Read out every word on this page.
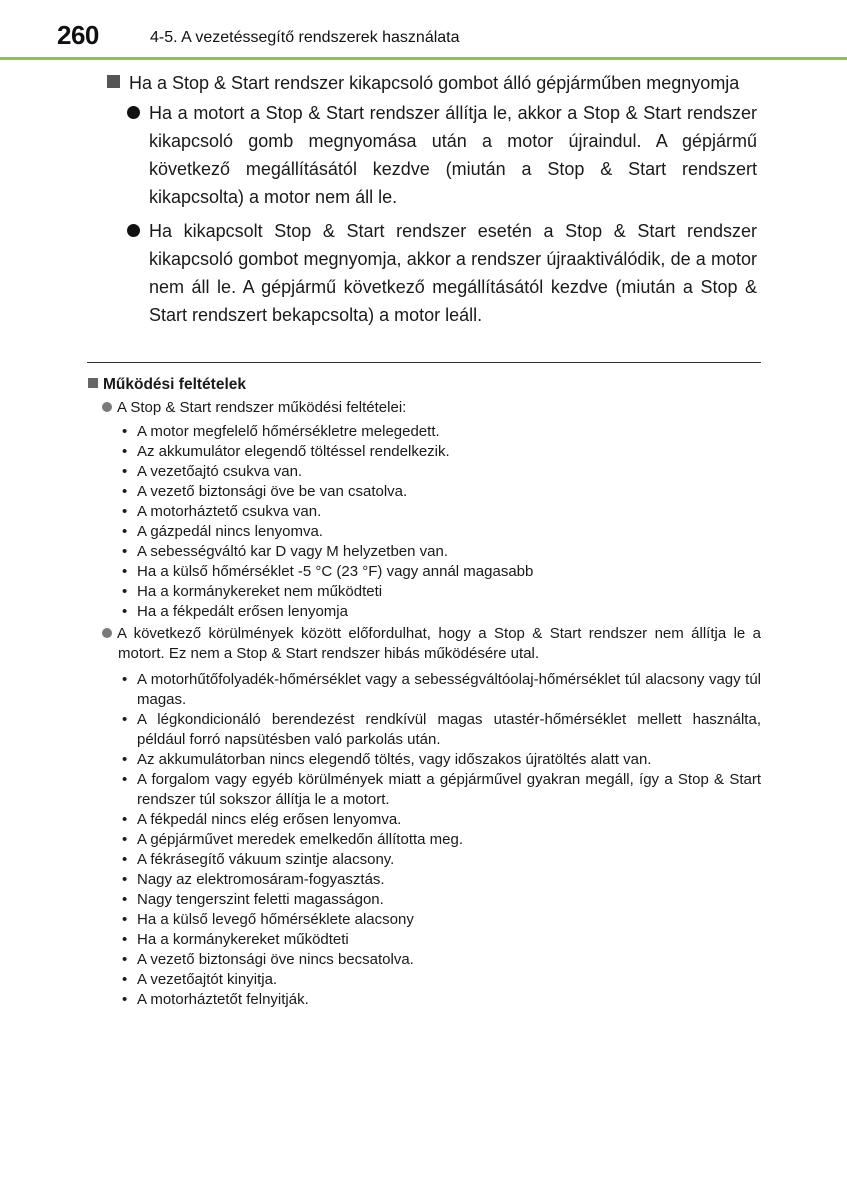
260	4-5. A vezetéssegítő rendszerek használata

Ha a Stop & Start rendszer kikapcsoló gombot álló gépjárműben megnyomja

Ha a motort a Stop & Start rendszer állítja le, akkor a Stop & Start rendszer kikapcsoló gomb megnyomása után a motor újraindul. A gépjármű következő megállításától kezdve (miután a Stop & Start rendszert kikapcsolta) a motor nem áll le.

Ha kikapcsolt Stop & Start rendszer esetén a Stop & Start rendszer kikapcsoló gombot megnyomja, akkor a rendszer újraaktiválódik, de a motor nem áll le. A gépjármű következő megállításától kezdve (miután a Stop & Start rendszert bekapcsolta) a motor leáll.

Működési feltételek

A Stop & Start rendszer működési feltételei:

• A motor megfelelő hőmérsékletre melegedett.
• Az akkumulátor elegendő töltéssel rendelkezik.
• A vezetőajtó csukva van.
• A vezető biztonsági öve be van csatolva.
• A motorháztető csukva van.
• A gázpedál nincs lenyomva.
• A sebességváltó kar D vagy M helyzetben van.
• Ha a külső hőmérséklet -5 °C (23 °F) vagy annál magasabb
• Ha a kormánykereket nem működteti
• Ha a fékpedált erősen lenyomja

A következő körülmények között előfordulhat, hogy a Stop & Start rendszer nem állítja le a motort. Ez nem a Stop & Start rendszer hibás működésére utal.

• A motorhűtőfolyadék-hőmérséklet vagy a sebességváltóolaj-hőmérséklet túl alacsony vagy túl magas.
• A légkondicionáló berendezést rendkívül magas utastér-hőmérséklet mellett használta, például forró napsütésben való parkolás után.
• Az akkumulátorban nincs elegendő töltés, vagy időszakos újratöltés alatt van.
• A forgalom vagy egyéb körülmények miatt a gépjárművel gyakran megáll, így a Stop & Start rendszer túl sokszor állítja le a motort.
• A fékpedál nincs elég erősen lenyomva.
• A gépjárművet meredek emelkedőn állította meg.
• A fékrásegítő vákuum szintje alacsony.
• Nagy az elektromosáram-fogyasztás.
• Nagy tengerszint feletti magasságon.
• Ha a külső levegő hőmérséklete alacsony
• Ha a kormánykereket működteti
• A vezető biztonsági öve nincs becsatolva.
• A vezetőajtót kinyitja.
• A motorháztetőt felnyitják.
